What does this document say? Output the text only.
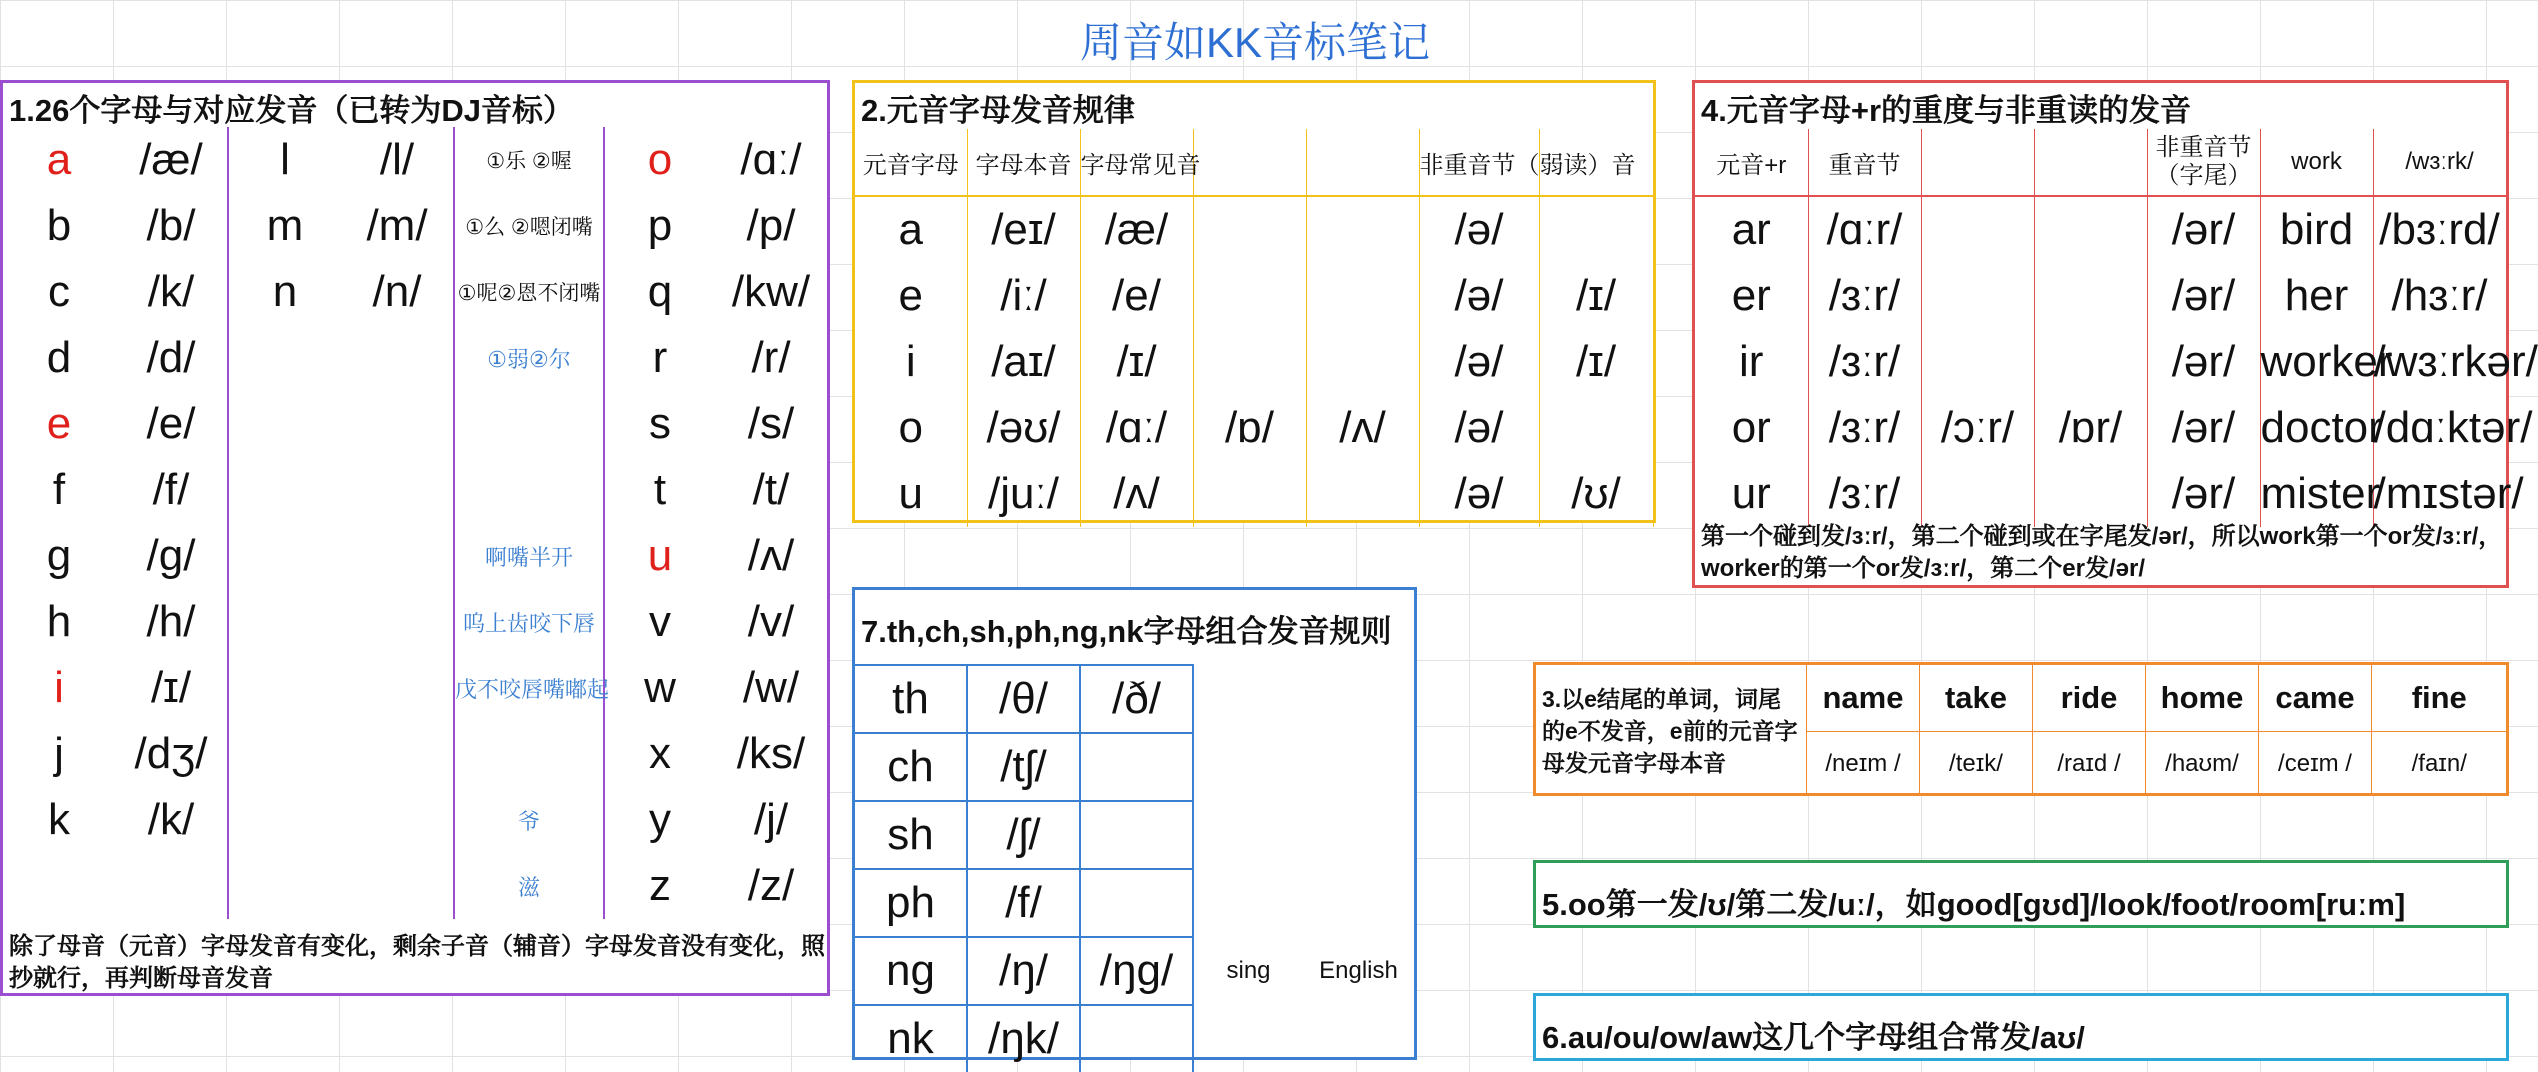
周音如KK音标笔记
1.26个字母与对应发音（已转为DJ音标）
a	/æ/	l	/l/	①乐 ②喔	o	/ɑː/
b	/b/	m	/m/	①么 ②嗯闭嘴	p	/p/
c	/k/	n	/n/	①呢②恩不闭嘴	q	/kw/
d	/d/			①弱②尔	r	/r/
e	/e/				s	/s/
f	/f/				t	/t/
g	/g/			啊嘴半开	u	/ʌ/
h	/h/			呜上齿咬下唇	v	/v/
i	/ɪ/			戊不咬唇嘴嘟起	w	/w/
j	/dʒ/				x	/ks/
k	/k/			爷	y	/j/
				滋	z	/z/
除了母音（元音）字母发音有变化，剩余子音（辅音）字母发音没有变化，照抄就行，再判断母音发音
2.元音字母发音规律
元音字母	字母本音	字母常见音			非重音节（弱读）音	
a	/eɪ/	/æ/			/ə/	
e	/iː/	/e/			/ə/	/ɪ/
i	/aɪ/	/ɪ/			/ə/	/ɪ/
o	/əʊ/	/ɑː/	/ɒ/	/ʌ/	/ə/	
u	/juː/	/ʌ/			/ə/	/ʊ/
4.元音字母+r的重度与非重读的发音
元音+r	重音节			非重音节（字尾）	work	/wɜːrk/
ar	/ɑːr/			/ər/	bird	/bɜːrd/
er	/ɜːr/			/ər/	her	/hɜːr/
ir	/ɜːr/			/ər/	worker	/wɜːrkər/
or	/ɜːr/	/ɔːr/	/ɒr/	/ər/	doctor	/dɑːktər/
ur	/ɜːr/			/ər/	mister	/mɪstər/
第一个碰到发/ɜːr/，第二个碰到或在字尾发/ər/，所以work第一个or发/ɜːr/，worker的第一个or发/ɜːr/，第二个er发/ər/
7.th,ch,sh,ph,ng,nk字母组合发音规则
th	/θ/	/ð/		
ch	/tʃ/			
sh	/ʃ/			
ph	/f/			
ng	/ŋ/	/ŋg/	sing	English
nk	/ŋk/			
3.以e结尾的单词，词尾的e不发音，e前的元音字母发元音字母本音
name	take	ride	home	came	fine
/neɪm /	/teɪk/	/raɪd /	/haʊm/	/ceɪm /	/faɪn/
5.oo第一发/ʊ/第二发/uː/，如good[gʊd]/look/foot/room[ruːm]
6.au/ou/ow/aw这几个字母组合常发/aʊ/
